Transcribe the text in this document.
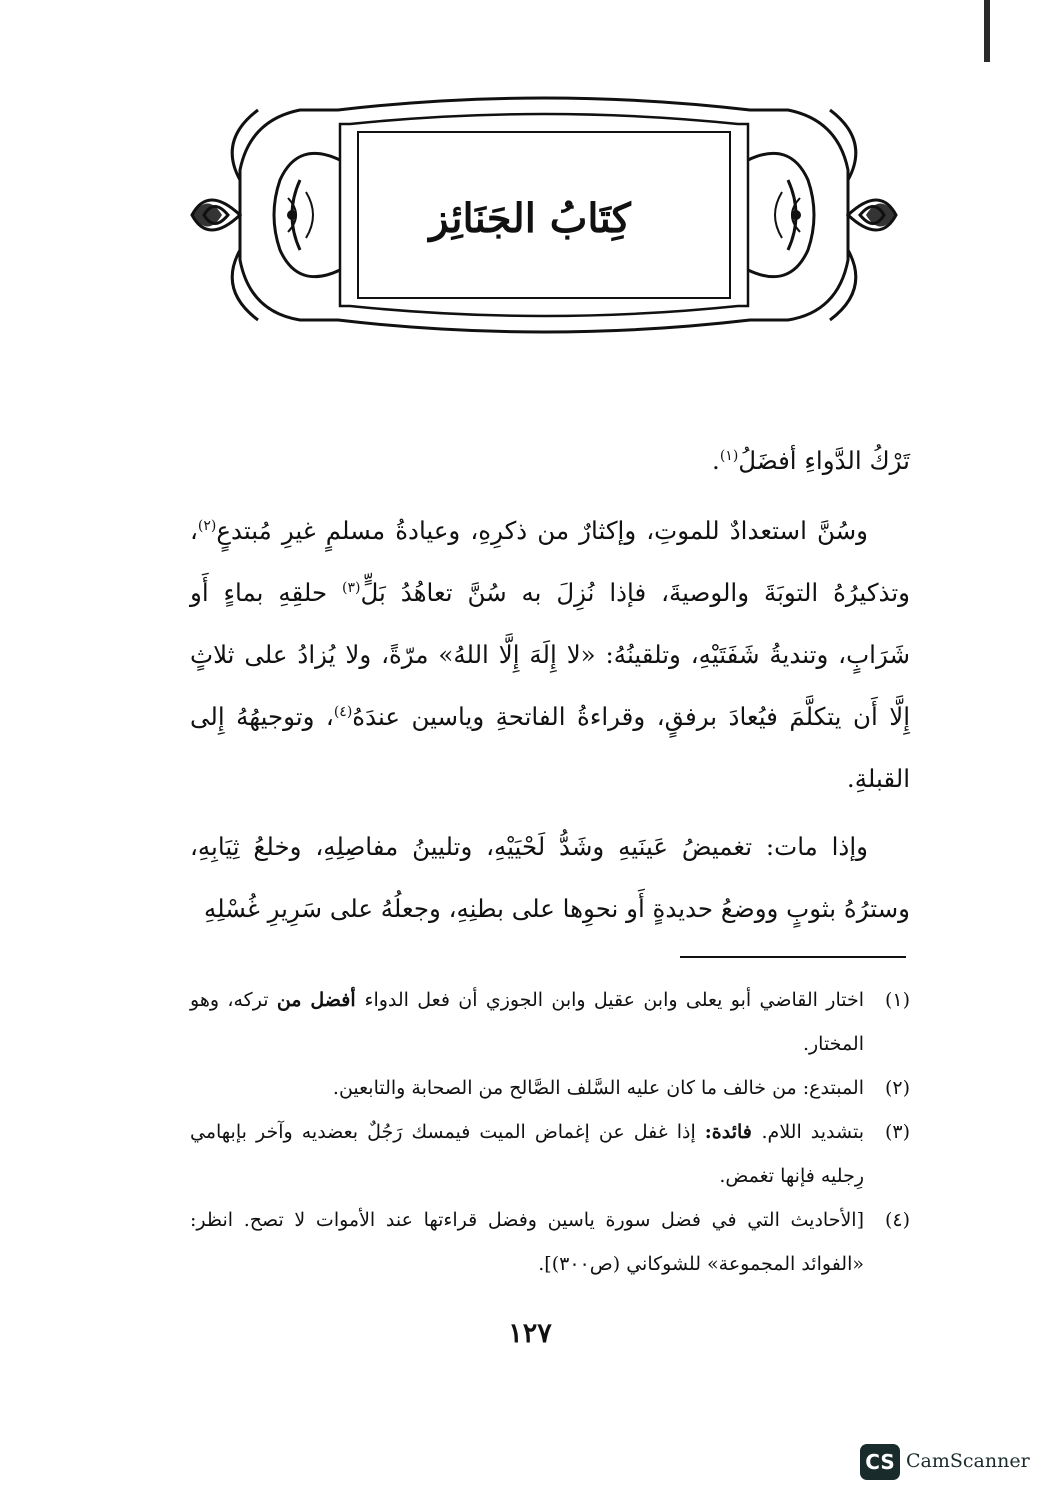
كِتَابُ الجَنَائِز

تَرْكُ الدَّواءِ أفضَلُ$^{(١)}$.

وسُنَّ استعدادٌ للموتِ، وإكثارٌ من ذكرِهِ، وعيادةُ مسلمٍ غيرِ مُبتدعٍ$^{(٢)}$، وتذكيرُهُ التوبَةَ والوصيةَ، فإذا نُزِلَ به سُنَّ تعاهُدُ بَلٍّ$^{(٣)}$ حلقِهِ بماءٍ أَو شَرَابٍ، وتنديةُ شَفَتَيْهِ، وتلقينُهُ: «لا إِلَهَ إِلَّا اللهُ» مرّةً، ولا يُزادُ على ثلاثٍ إِلَّا أَن يتكلَّمَ فيُعادَ برفقٍ، وقراءةُ الفاتحةِ وياسين عندَهُ$^{(٤)}$، وتوجيهُهُ إِلى القبلةِ.

وإذا مات: تغميضُ عَينَيهِ وشَدُّ لَحْيَيْهِ، وتليينُ مفاصِلِهِ، وخلعُ ثِيَابِهِ، وسترُهُ بثوبٍ ووضعُ حديدةٍ أَو نحوِها على بطنِهِ، وجعلُهُ على سَرِيرِ غُسْلِهِ

(١)
اختار القاضي أبو يعلى وابن عقيل وابن الجوزي أن فعل الدواء أفضل من تركه، وهو المختار.
(٢)
المبتدع: من خالف ما كان عليه السَّلف الصَّالح من الصحابة والتابعين.
(٣)
بتشديد اللام. فائدة: إذا غفل عن إغماض الميت فيمسك رَجُلٌ بعضديه وآخر بإبهامي رِجليه فإنها تغمض.
(٤)
[الأحاديث التي في فضل سورة ياسين وفضل قراءتها عند الأموات لا تصح. انظر: «الفوائد المجموعة» للشوكاني (ص٣٠٠)].
١٢٧
CS CamScanner
